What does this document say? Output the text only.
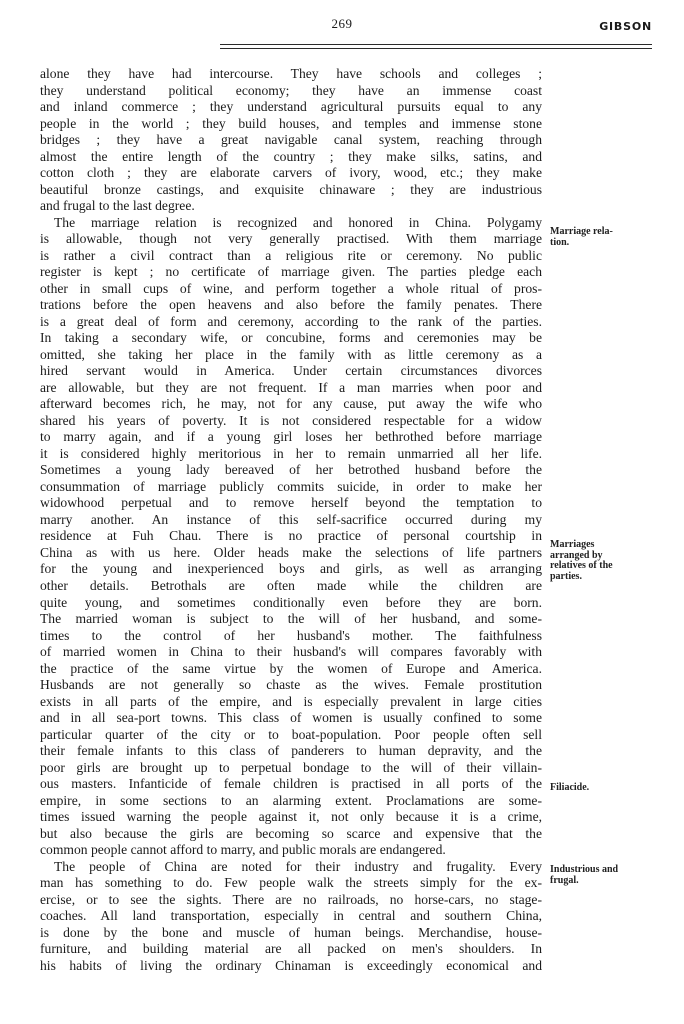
269	GIBSON
alone they have had intercourse. They have schools and colleges ;
they understand political economy; they have an immense coast
and inland commerce ; they understand agricultural pursuits equal to any
people in the world ; they build houses, and temples and immense stone
bridges ; they have a great navigable canal system, reaching through
almost the entire length of the country ; they make silks, satins, and
cotton cloth ; they are elaborate carvers of ivory, wood, etc.; they make
beautiful bronze castings, and exquisite chinaware ; they are industrious
and frugal to the last degree.
The marriage relation is recognized and honored in China. Polygamy
is allowable, though not very generally practised. With them marriage
is rather a civil contract than a religious rite or ceremony. No public
register is kept ; no certificate of marriage given. The parties pledge each
other in small cups of wine, and perform together a whole ritual of pros-
trations before the open heavens and also before the family penates. There
is a great deal of form and ceremony, according to the rank of the parties.
In taking a secondary wife, or concubine, forms and ceremonies may be
omitted, she taking her place in the family with as little ceremony as a
hired servant would in America. Under certain circumstances divorces
are allowable, but they are not frequent. If a man marries when poor and
afterward becomes rich, he may, not for any cause, put away the wife who
shared his years of poverty. It is not considered respectable for a widow
to marry again, and if a young girl loses her bethrothed before marriage
it is considered highly meritorious in her to remain unmarried all her life.
Sometimes a young lady bereaved of her betrothed husband before the
consummation of marriage publicly commits suicide, in order to make her
widowhood perpetual and to remove herself beyond the temptation to
marry another. An instance of this self-sacrifice occurred during my
residence at Fuh Chau. There is no practice of personal courtship in
China as with us here. Older heads make the selections of life partners
for the young and inexperienced boys and girls, as well as arranging
other details. Betrothals are often made while the children are
quite young, and sometimes conditionally even before they are born.
The married woman is subject to the will of her husband, and some-
times to the control of her husband's mother. The faithfulness
of married women in China to their husband's will compares favorably with
the practice of the same virtue by the women of Europe and America.
Husbands are not generally so chaste as the wives. Female prostitution
exists in all parts of the empire, and is especially prevalent in large cities
and in all sea-port towns. This class of women is usually confined to some
particular quarter of the city or to boat-population. Poor people often sell
their female infants to this class of panderers to human depravity, and the
poor girls are brought up to perpetual bondage to the will of their villain-
ous masters. Infanticide of female children is practised in all ports of the
empire, in some sections to an alarming extent. Proclamations are some-
times issued warning the people against it, not only because it is a crime,
but also because the girls are becoming so scarce and expensive that the
common people cannot afford to marry, and public morals are endangered.
The people of China are noted for their industry and frugality. Every
man has something to do. Few people walk the streets simply for the ex-
ercise, or to see the sights. There are no railroads, no horse-cars, no stage-
coaches. All land transportation, especially in central and southern China,
is done by the bone and muscle of human beings. Merchandise, house-
furniture, and building material are all packed on men's shoulders. In
his habits of living the ordinary Chinaman is exceedingly economical and
Marriage rela-
tion.
Marriages
arranged by
relatives of the
parties.
Filiacide.
Industrious and
frugal.
